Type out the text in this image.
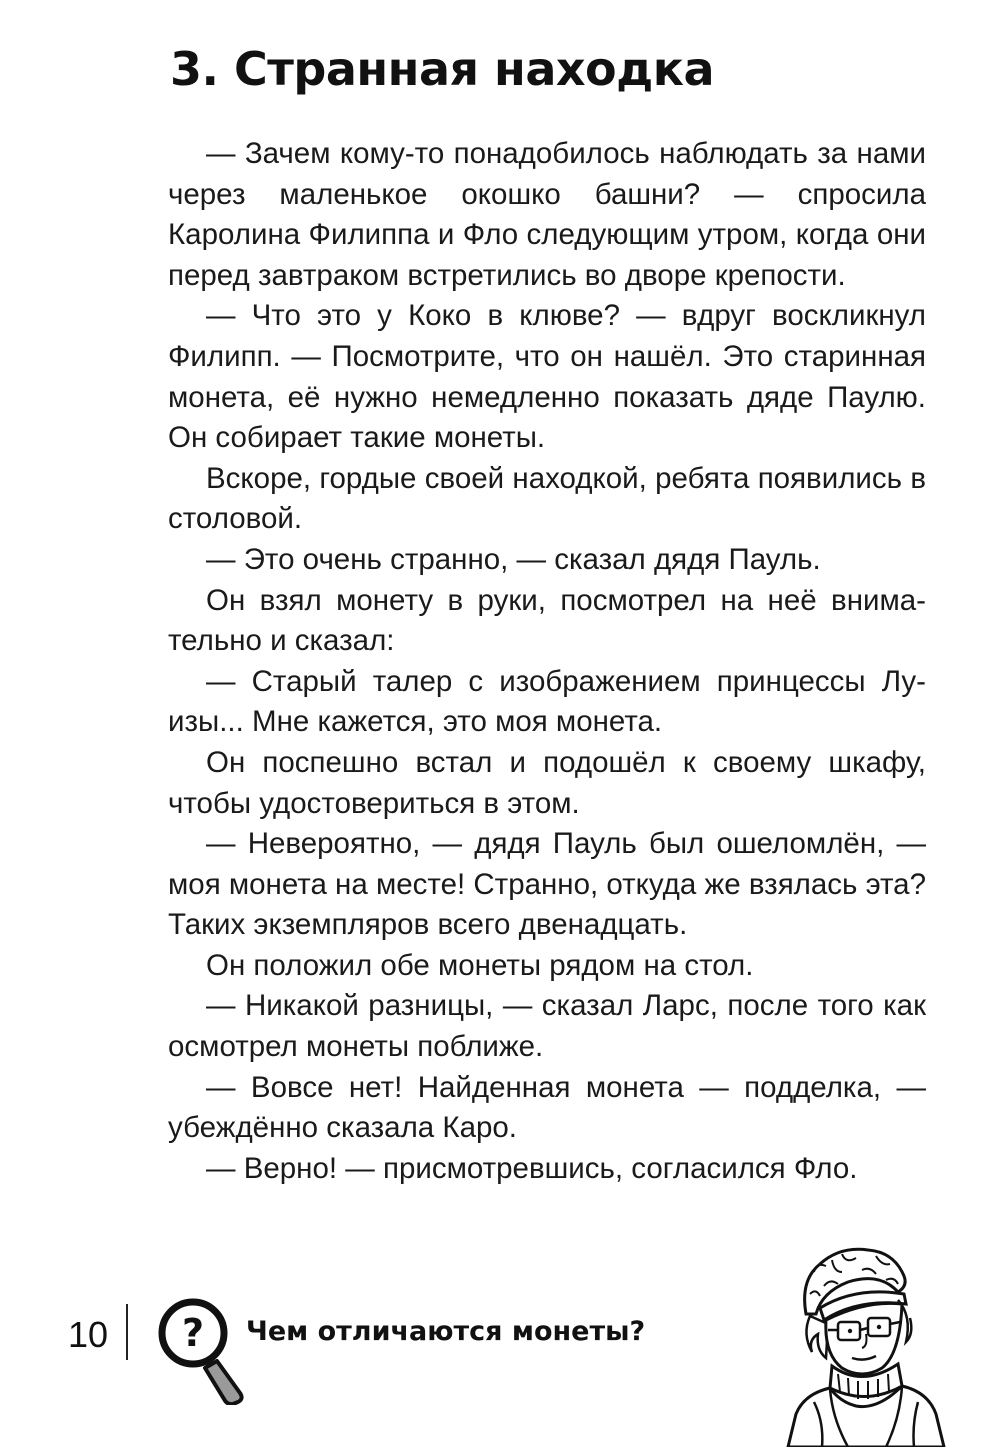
3. Странная находка

— Зачем кому-то понадобилось наблюдать за нами через маленькое окошко башни? — спросила Каролина Филиппа и Фло следующим утром, когда они перед завтраком встретились во дворе крепости.

— Что это у Коко в клюве? — вдруг воскликнул Филипп. — Посмотрите, что он нашёл. Это старинная монета, её нужно немедленно показать дяде Паулю. Он собирает такие монеты.

Вскоре, гордые своей находкой, ребята появились в столовой.

— Это очень странно, — сказал дядя Пауль.

Он взял монету в руки, посмотрел на неё внимательно и сказал:

— Старый талер с изображением принцессы Луизы... Мне кажется, это моя монета.

Он поспешно встал и подошёл к своему шкафу, чтобы удостовериться в этом.

— Невероятно, — дядя Пауль был ошеломлён, — моя монета на месте! Странно, откуда же взялась эта? Таких экземпляров всего двенадцать.

Он положил обе монеты рядом на стол.

— Никакой разницы, — сказал Ларс, после того как осмотрел монеты поближе.

— Вовсе нет! Найденная монета — подделка, — убеждённо сказала Каро.

— Верно! — присмотревшись, согласился Фло.

10 ? Чем отличаются монеты?
